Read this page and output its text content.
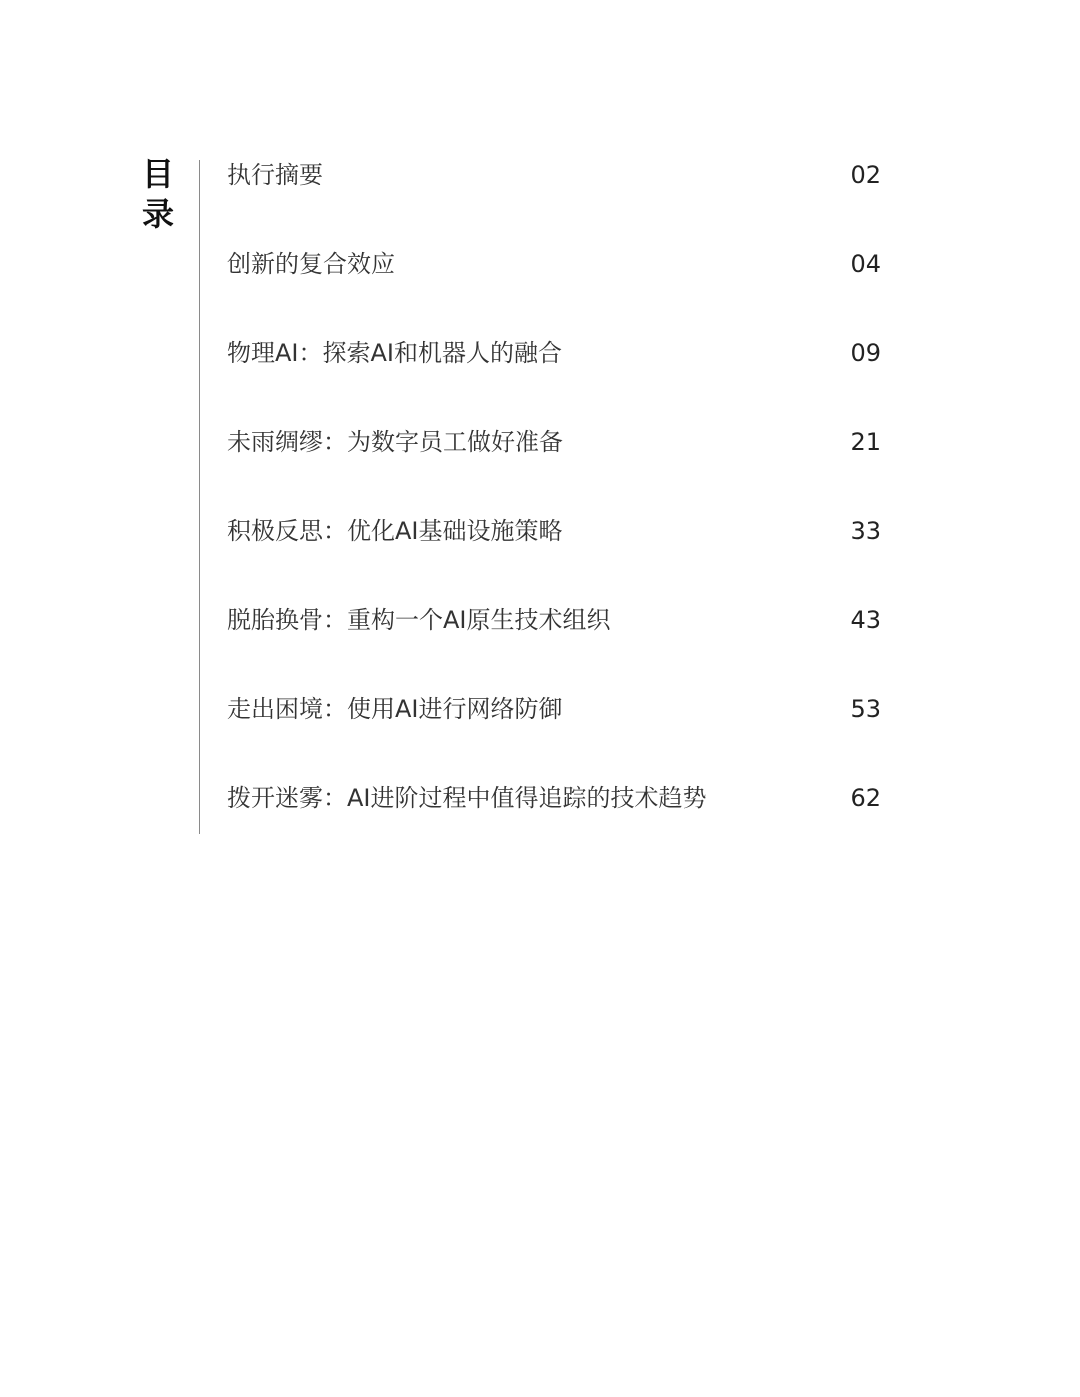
目
录
执行摘要	02
创新的复合效应	04
物理AI：探索AI和机器人的融合	09
未雨绸缪：为数字员工做好准备	21
积极反思：优化AI基础设施策略	33
脱胎换骨：重构一个AI原生技术组织	43
走出困境：使用AI进行网络防御	53
拨开迷雾：AI进阶过程中值得追踪的技术趋势	62
